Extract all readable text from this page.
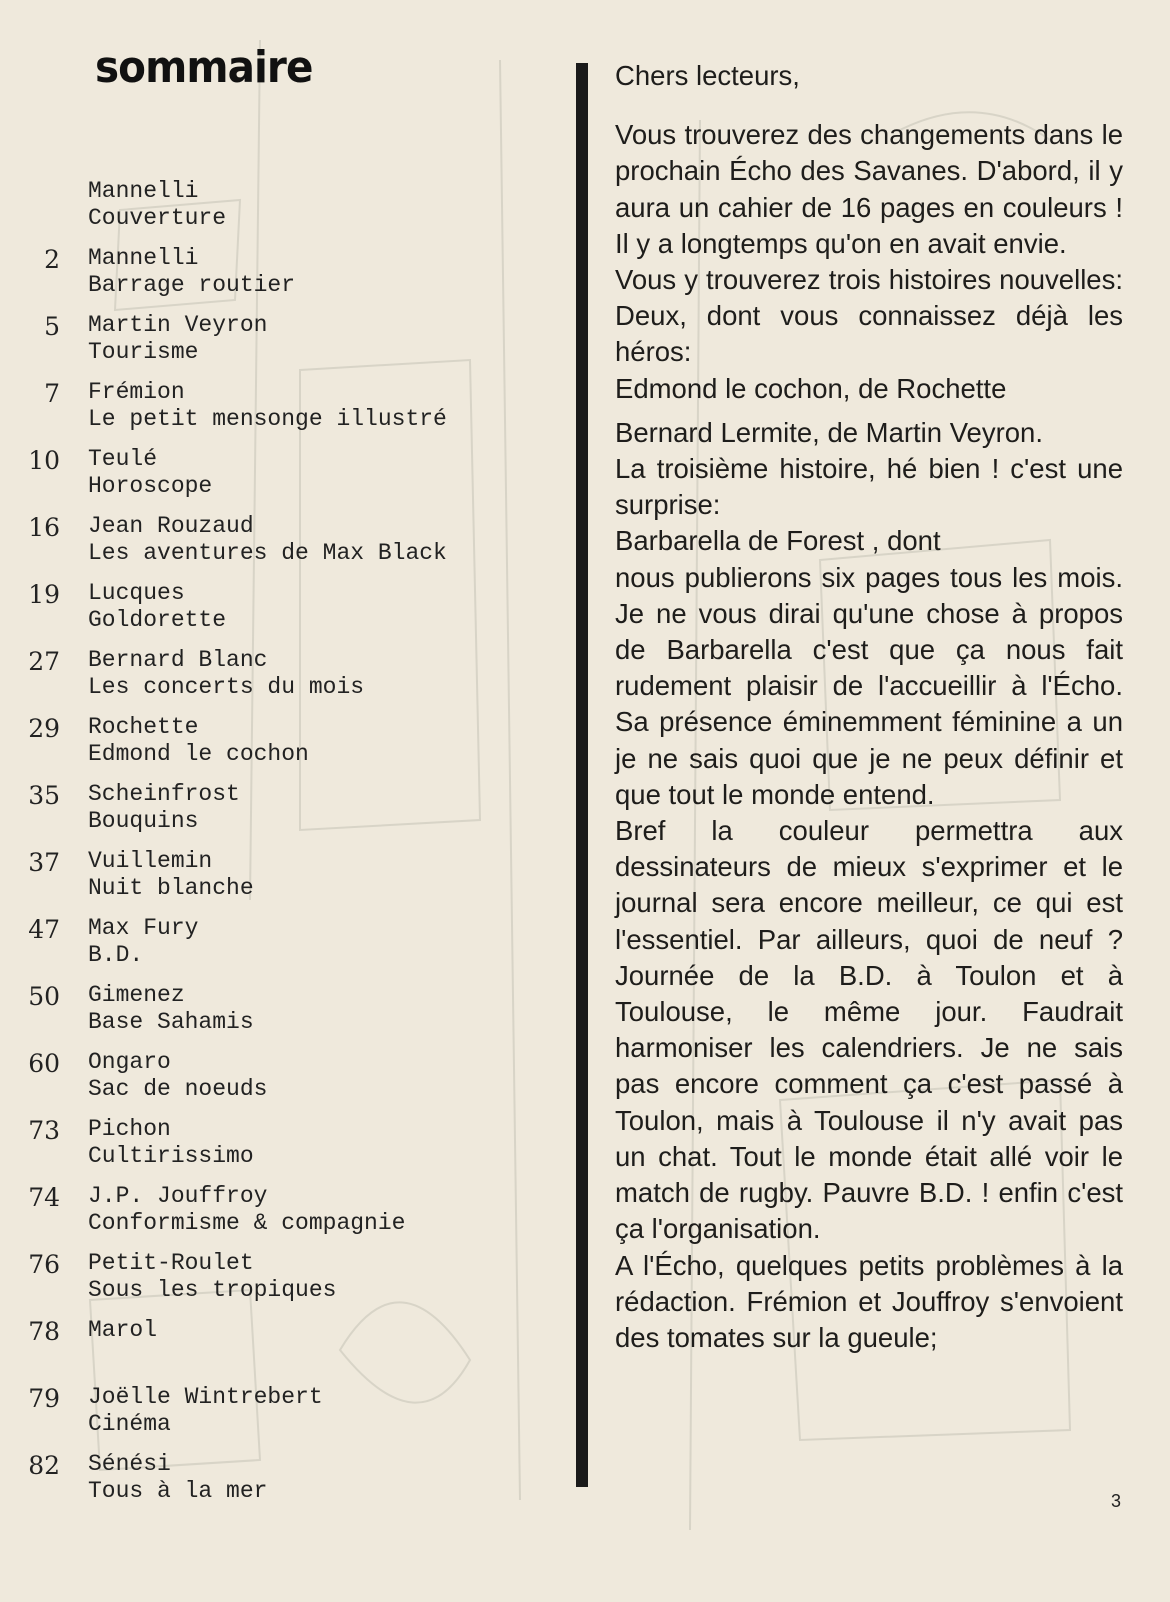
sommaire
Mannelli
Couverture
2 Mannelli
Barrage routier
5 Martin Veyron
Tourisme
7 Frémion
Le petit mensonge illustré
10 Teulé
Horoscope
16 Jean Rouzaud
Les aventures de Max Black
19 Lucques
Goldorette
27 Bernard Blanc
Les concerts du mois
29 Rochette
Edmond le cochon
35 Scheinfrost
Bouquins
37 Vuillemin
Nuit blanche
47 Max Fury
B.D.
50 Gimenez
Base Sahamis
60 Ongaro
Sac de noeuds
73 Pichon
Cultirissimo
74 J.P. Jouffroy
Conformisme & compagnie
76 Petit-Roulet
Sous les tropiques
78 Marol
79 Joëlle Wintrebert
Cinéma
82 Sénési
Tous à la mer

Chers lecteurs,

Vous trouverez des changements dans le prochain Écho des Savanes. D'abord, il y aura un cahier de 16 pages en couleurs ! Il y a longtemps qu'on en avait envie.

Vous y trouverez trois histoires nouvelles: Deux, dont vous connaissez déjà les héros:

Edmond le cochon, de Rochette

Bernard Lermite, de Martin Veyron.

La troisième histoire, hé bien ! c'est une surprise:

Barbarella de Forest , dont

nous publierons six pages tous les mois. Je ne vous dirai qu'une chose à propos de Barbarella c'est que ça nous fait rudement plaisir de l'accueillir à l'Écho. Sa présence éminemment féminine a un je ne sais quoi que je ne peux définir et que tout le monde entend.

Bref la couleur permettra aux dessinateurs de mieux s'exprimer et le journal sera encore meilleur, ce qui est l'essentiel. Par ailleurs, quoi de neuf ? Journée de la B.D. à Toulon et à Toulouse, le même jour. Faudrait harmoniser les calendriers. Je ne sais pas encore comment ça c'est passé à Toulon, mais à Toulouse il n'y avait pas un chat. Tout le monde était allé voir le match de rugby. Pauvre B.D. ! enfin c'est ça l'organisation.

A l'Écho, quelques petits problèmes à la rédaction. Frémion et Jouffroy s'envoient des tomates sur la gueule;

3
